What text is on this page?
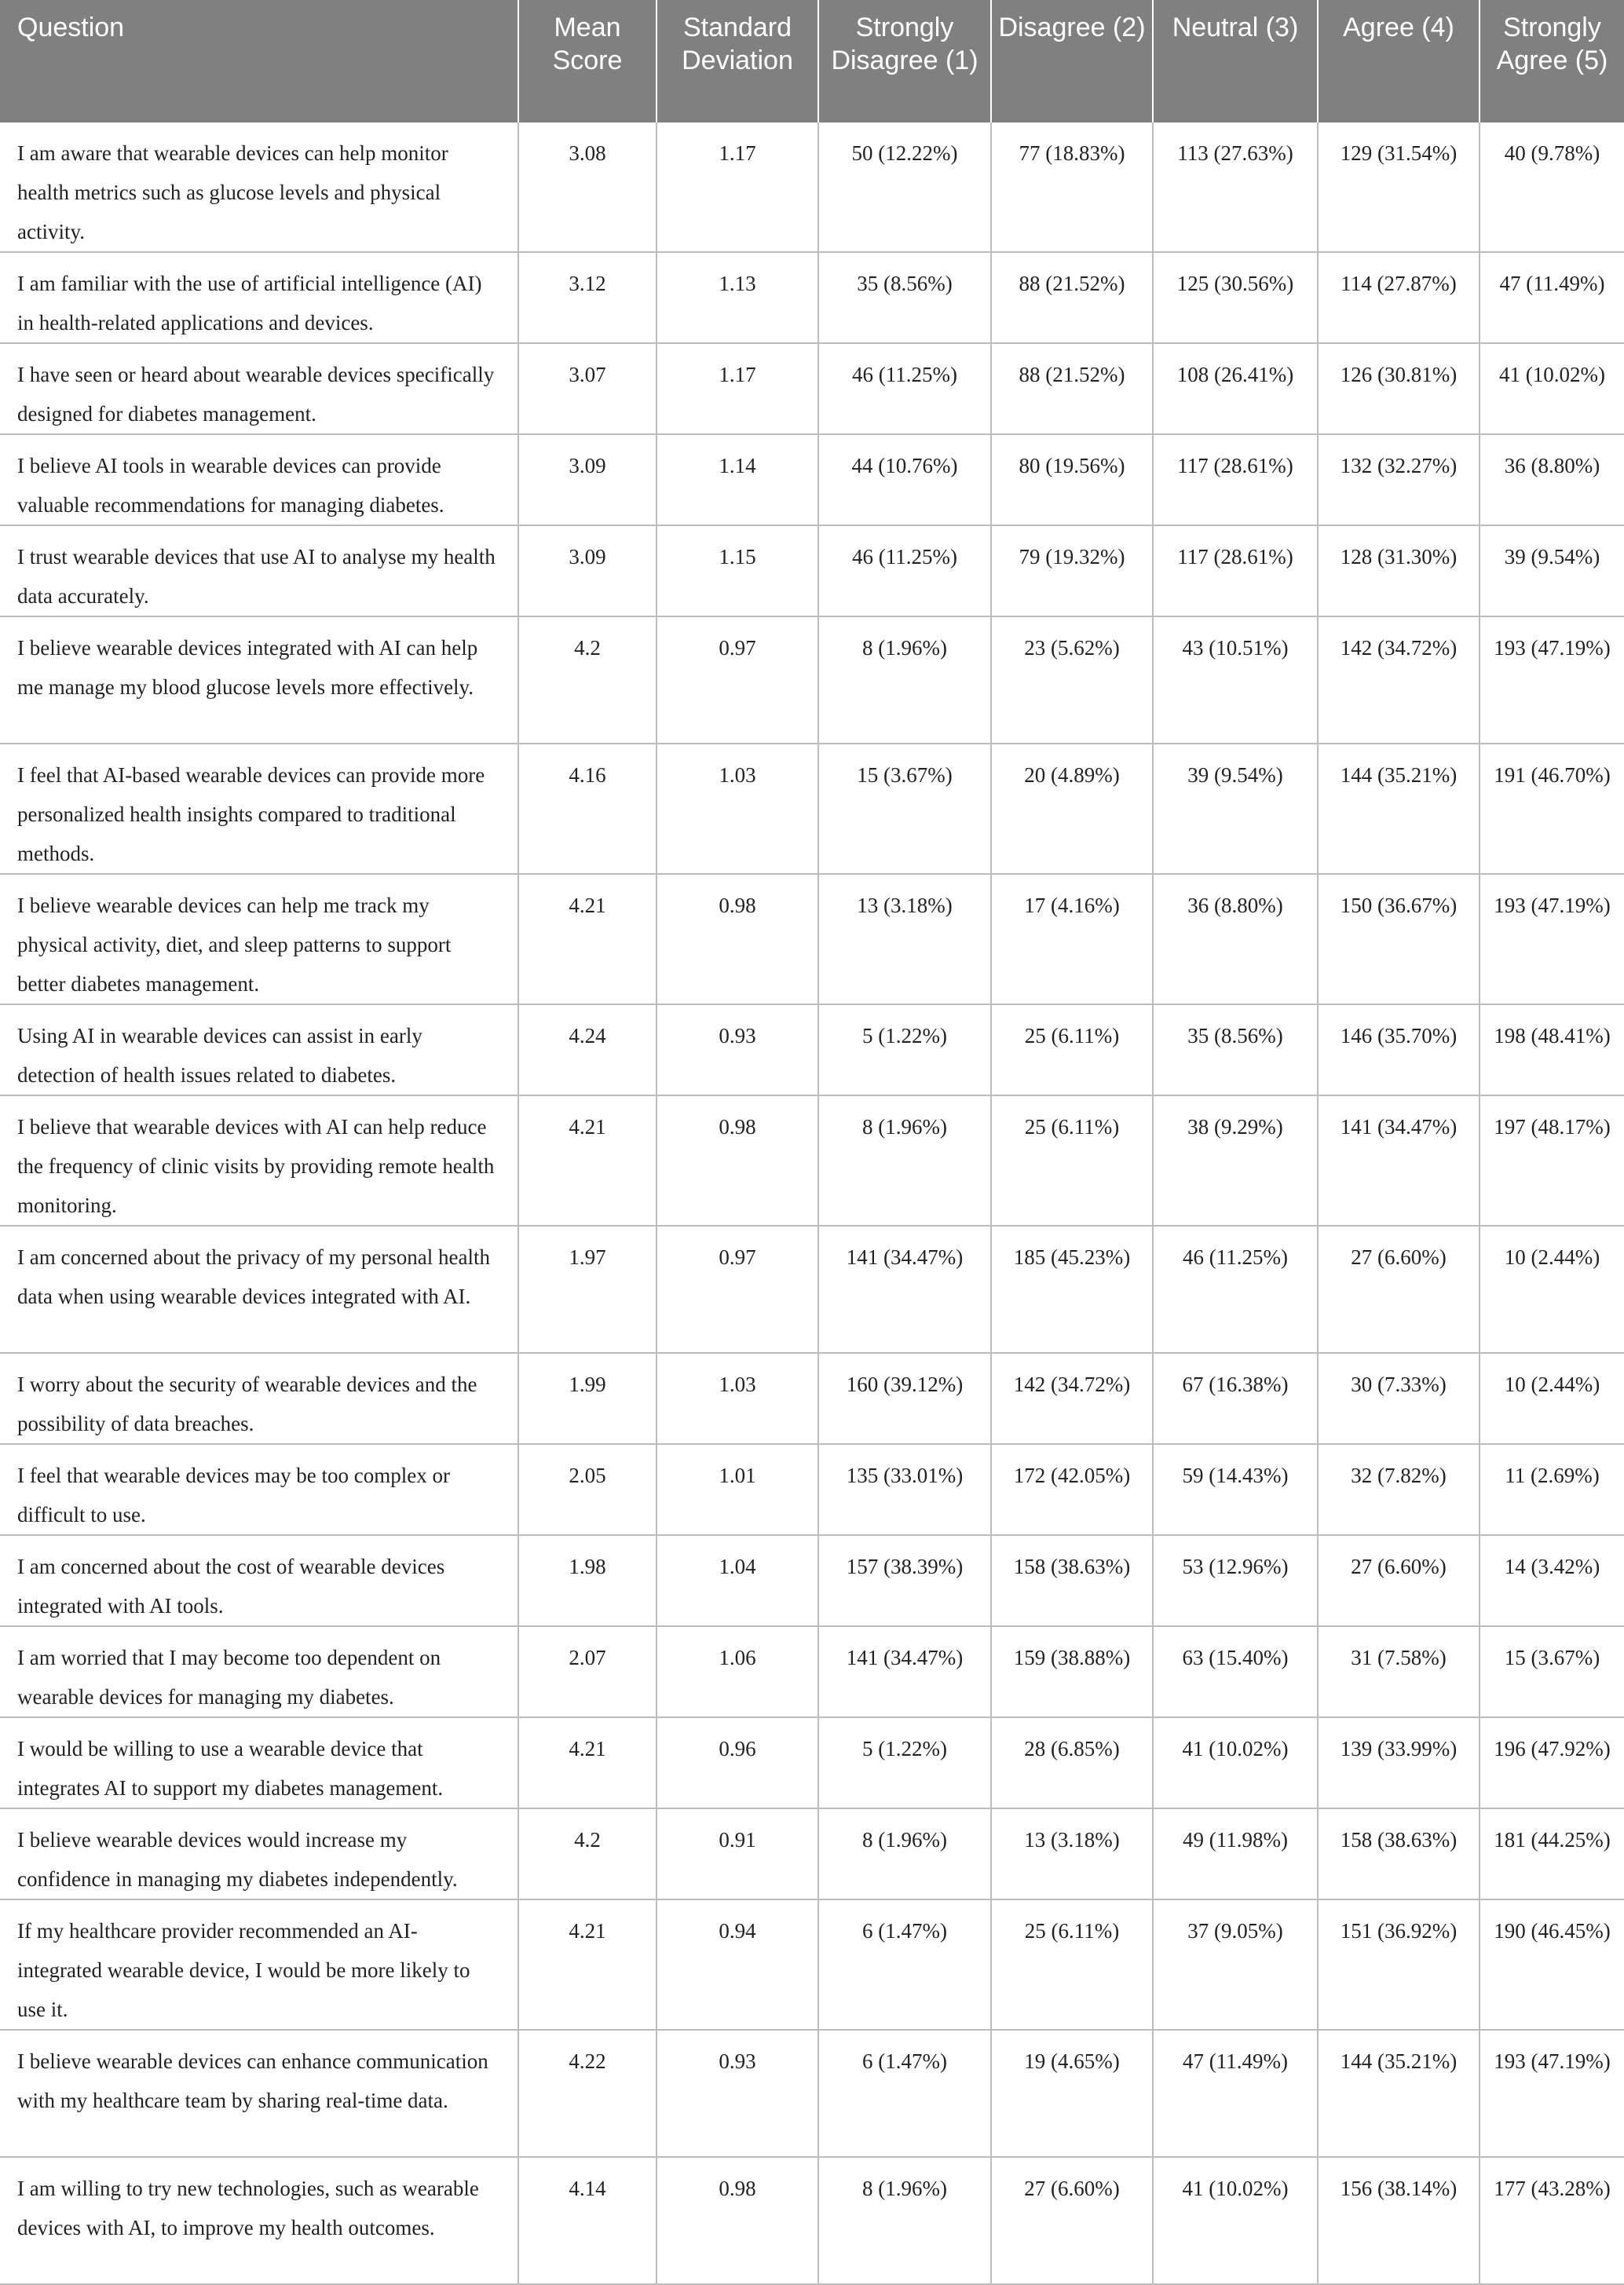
Question	Mean Score	Standard Deviation	Strongly Disagree (1)	Disagree (2)	Neutral (3)	Agree (4)	Strongly Agree (5)
I am aware that wearable devices can help monitor health metrics such as glucose levels and physical activity.	3.08	1.17	50 (12.22%)	77 (18.83%)	113 (27.63%)	129 (31.54%)	40 (9.78%)
I am familiar with the use of artificial intelligence (AI) in health-related applications and devices.	3.12	1.13	35 (8.56%)	88 (21.52%)	125 (30.56%)	114 (27.87%)	47 (11.49%)
I have seen or heard about wearable devices specifically designed for diabetes management.	3.07	1.17	46 (11.25%)	88 (21.52%)	108 (26.41%)	126 (30.81%)	41 (10.02%)
I believe AI tools in wearable devices can provide valuable recommendations for managing diabetes.	3.09	1.14	44 (10.76%)	80 (19.56%)	117 (28.61%)	132 (32.27%)	36 (8.80%)
I trust wearable devices that use AI to analyse my health data accurately.	3.09	1.15	46 (11.25%)	79 (19.32%)	117 (28.61%)	128 (31.30%)	39 (9.54%)
I believe wearable devices integrated with AI can help me manage my blood glucose levels more effectively.	4.2	0.97	8 (1.96%)	23 (5.62%)	43 (10.51%)	142 (34.72%)	193 (47.19%)
I feel that AI-based wearable devices can provide more personalized health insights compared to traditional methods.	4.16	1.03	15 (3.67%)	20 (4.89%)	39 (9.54%)	144 (35.21%)	191 (46.70%)
I believe wearable devices can help me track my physical activity, diet, and sleep patterns to support better diabetes management.	4.21	0.98	13 (3.18%)	17 (4.16%)	36 (8.80%)	150 (36.67%)	193 (47.19%)
Using AI in wearable devices can assist in early detection of health issues related to diabetes.	4.24	0.93	5 (1.22%)	25 (6.11%)	35 (8.56%)	146 (35.70%)	198 (48.41%)
I believe that wearable devices with AI can help reduce the frequency of clinic visits by providing remote health monitoring.	4.21	0.98	8 (1.96%)	25 (6.11%)	38 (9.29%)	141 (34.47%)	197 (48.17%)
I am concerned about the privacy of my personal health data when using wearable devices integrated with AI.	1.97	0.97	141 (34.47%)	185 (45.23%)	46 (11.25%)	27 (6.60%)	10 (2.44%)
I worry about the security of wearable devices and the possibility of data breaches.	1.99	1.03	160 (39.12%)	142 (34.72%)	67 (16.38%)	30 (7.33%)	10 (2.44%)
I feel that wearable devices may be too complex or difficult to use.	2.05	1.01	135 (33.01%)	172 (42.05%)	59 (14.43%)	32 (7.82%)	11 (2.69%)
I am concerned about the cost of wearable devices integrated with AI tools.	1.98	1.04	157 (38.39%)	158 (38.63%)	53 (12.96%)	27 (6.60%)	14 (3.42%)
I am worried that I may become too dependent on wearable devices for managing my diabetes.	2.07	1.06	141 (34.47%)	159 (38.88%)	63 (15.40%)	31 (7.58%)	15 (3.67%)
I would be willing to use a wearable device that integrates AI to support my diabetes management.	4.21	0.96	5 (1.22%)	28 (6.85%)	41 (10.02%)	139 (33.99%)	196 (47.92%)
I believe wearable devices would increase my confidence in managing my diabetes independently.	4.2	0.91	8 (1.96%)	13 (3.18%)	49 (11.98%)	158 (38.63%)	181 (44.25%)
If my healthcare provider recommended an AI-integrated wearable device, I would be more likely to use it.	4.21	0.94	6 (1.47%)	25 (6.11%)	37 (9.05%)	151 (36.92%)	190 (46.45%)
I believe wearable devices can enhance communication with my healthcare team by sharing real-time data.	4.22	0.93	6 (1.47%)	19 (4.65%)	47 (11.49%)	144 (35.21%)	193 (47.19%)
I am willing to try new technologies, such as wearable devices with AI, to improve my health outcomes.	4.14	0.98	8 (1.96%)	27 (6.60%)	41 (10.02%)	156 (38.14%)	177 (43.28%)
